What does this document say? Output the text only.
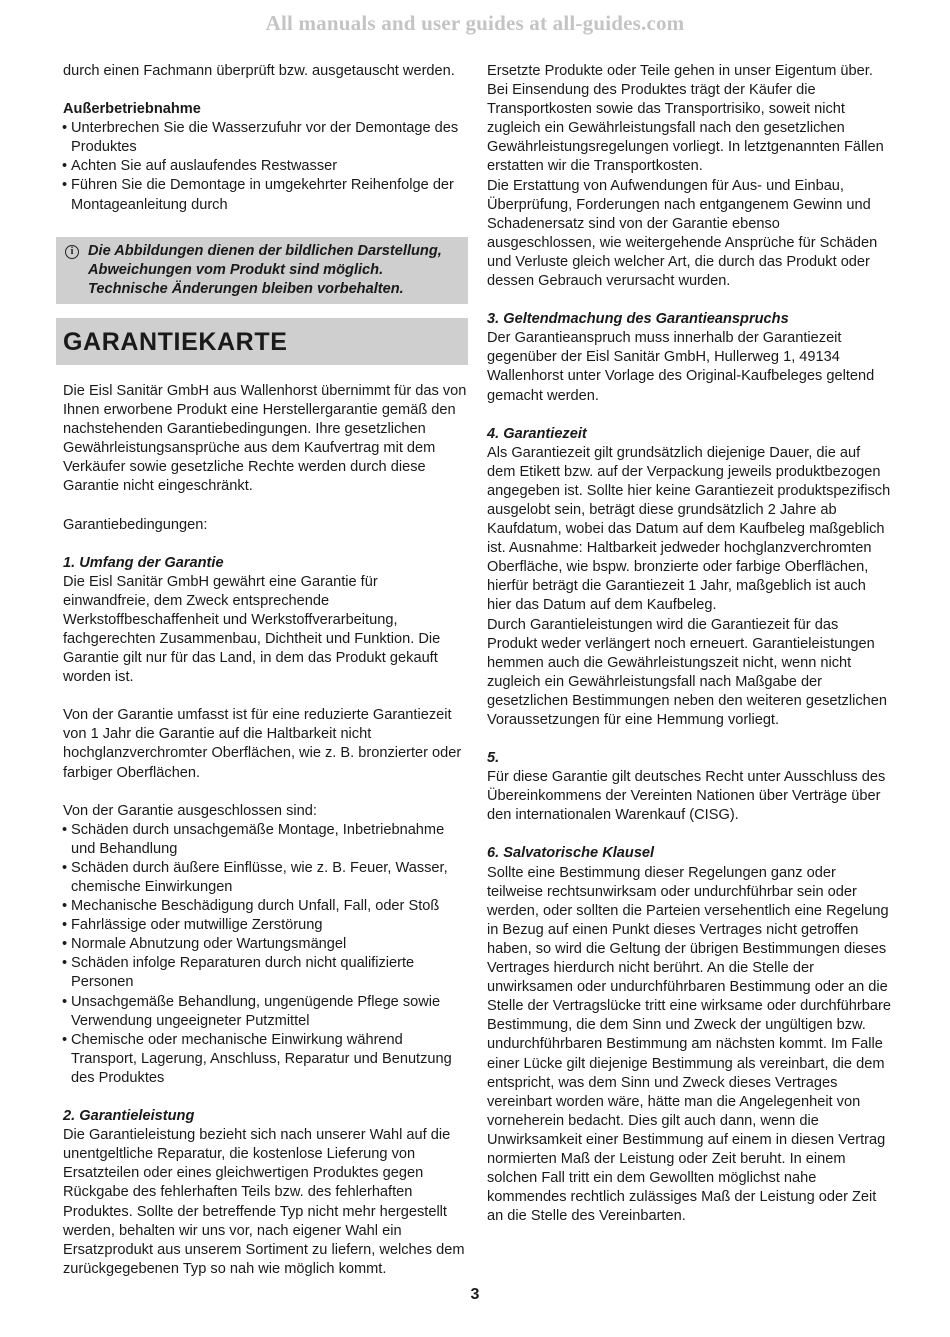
All manuals and user guides at all-guides.com

durch einen Fachmann überprüft bzw. ausgetauscht werden.

Außerbetriebnahme

• Unterbrechen Sie die Wasserzufuhr vor der Demontage des Produktes
• Achten Sie auf auslaufendes Restwasser
• Führen Sie die Demontage in umgekehrter Reihenfolge der Montageanleitung durch
i	Die Abbildungen dienen der bildlichen Darstellung, Abweichungen vom Produkt sind möglich. Technische Änderungen bleiben vorbehalten.
GARANTIEKARTE

Die Eisl Sanitär GmbH aus Wallenhorst übernimmt für das von Ihnen erworbene Produkt eine Herstellergarantie gemäß den nachstehenden Garantiebedingungen. Ihre gesetzlichen Gewährleistungsansprüche aus dem Kaufvertrag mit dem Verkäufer sowie gesetzliche Rechte werden durch diese Garantie nicht eingeschränkt.

Garantiebedingungen:

1. Umfang der Garantie

Die Eisl Sanitär GmbH gewährt eine Garantie für einwandfreie, dem Zweck entsprechende Werkstoffbeschaffenheit und Werkstoffverarbeitung, fachgerechten Zusammenbau, Dichtheit und Funktion. Die Garantie gilt nur für das Land, in dem das Produkt gekauft worden ist.

Von der Garantie umfasst ist für eine reduzierte Garantiezeit von 1 Jahr die Garantie auf die Haltbarkeit nicht hochglanzverchromter Oberflächen, wie z. B. bronzierter oder farbiger Oberflächen.

Von der Garantie ausgeschlossen sind:

• Schäden durch unsachgemäße Montage, Inbetriebnahme und Behandlung
• Schäden durch äußere Einflüsse, wie z. B. Feuer, Wasser, chemische Einwirkungen
• Mechanische Beschädigung durch Unfall, Fall, oder Stoß
• Fahrlässige oder mutwillige Zerstörung
• Normale Abnutzung oder Wartungsmängel
• Schäden infolge Reparaturen durch nicht qualifizierte Personen
• Unsachgemäße Behandlung, ungenügende Pflege sowie Verwendung ungeeigneter Putzmittel
• Chemische oder mechanische Einwirkung während Transport, Lagerung, Anschluss, Reparatur und Benutzung des Produktes

2. Garantieleistung

Die Garantieleistung bezieht sich nach unserer Wahl auf die unentgeltliche Reparatur, die kostenlose Lieferung von Ersatzteilen oder eines gleichwertigen Produktes gegen Rückgabe des fehlerhaften Teils bzw. des fehlerhaften Produktes. Sollte der betreffende Typ nicht mehr hergestellt werden, behalten wir uns vor, nach eigener Wahl ein Ersatzprodukt aus unserem Sortiment zu liefern, welches dem zurückgegebenen Typ so nah wie möglich kommt.

Ersetzte Produkte oder Teile gehen in unser Eigentum über. Bei Einsendung des Produktes trägt der Käufer die Transportkosten sowie das Transportrisiko, soweit nicht zugleich ein Gewährleistungsfall nach den gesetzlichen Gewährleistungsregelungen vorliegt. In letztgenannten Fällen erstatten wir die Transportkosten.

Die Erstattung von Aufwendungen für Aus- und Einbau, Überprüfung, Forderungen nach entgangenem Gewinn und Schadenersatz sind von der Garantie ebenso ausgeschlossen, wie weitergehende Ansprüche für Schäden und Verluste gleich welcher Art, die durch das Produkt oder dessen Gebrauch verursacht wurden.

3. Geltendmachung des Garantieanspruchs

Der Garantieanspruch muss innerhalb der Garantiezeit gegenüber der Eisl Sanitär GmbH, Hullerweg 1, 49134 Wallenhorst unter Vorlage des Original-Kaufbeleges geltend gemacht werden.

4. Garantiezeit

Als Garantiezeit gilt grundsätzlich diejenige Dauer, die auf dem Etikett bzw. auf der Verpackung jeweils produktbezogen angegeben ist. Sollte hier keine Garantiezeit produktspezifisch ausgelobt sein, beträgt diese grundsätzlich 2 Jahre ab Kaufdatum, wobei das Datum auf dem Kaufbeleg maßgeblich ist. Ausnahme: Haltbarkeit jedweder hochglanzverchromten Oberfläche, wie bspw. bronzierte oder farbige Oberflächen, hierfür beträgt die Garantiezeit 1 Jahr, maßgeblich ist auch hier das Datum auf dem Kaufbeleg.

Durch Garantieleistungen wird die Garantiezeit für das Produkt weder verlängert noch erneuert. Garantieleistungen hemmen auch die Gewährleistungszeit nicht, wenn nicht zugleich ein Gewährleistungsfall nach Maßgabe der gesetzlichen Bestimmungen neben den weiteren gesetzlichen Voraussetzungen für eine Hemmung vorliegt.

5.

Für diese Garantie gilt deutsches Recht unter Ausschluss des Übereinkommens der Vereinten Nationen über Verträge über den internationalen Warenkauf (CISG).

6. Salvatorische Klausel

Sollte eine Bestimmung dieser Regelungen ganz oder teilweise rechtsunwirksam oder undurchführbar sein oder werden, oder sollten die Parteien versehentlich eine Regelung in Bezug auf einen Punkt dieses Vertrages nicht getroffen haben, so wird die Geltung der übrigen Bestimmungen dieses Vertrages hierdurch nicht berührt. An die Stelle der unwirksamen oder undurchführbaren Bestimmung oder an die Stelle der Vertragslücke tritt eine wirksame oder durchführbare Bestimmung, die dem Sinn und Zweck der ungültigen bzw. undurchführbaren Bestimmung am nächsten kommt. Im Falle einer Lücke gilt diejenige Bestimmung als vereinbart, die dem entspricht, was dem Sinn und Zweck dieses Vertrages vereinbart worden wäre, hätte man die Angelegenheit von vorneherein bedacht. Dies gilt auch dann, wenn die Unwirksamkeit einer Bestimmung auf einem in diesen Vertrag normierten Maß der Leistung oder Zeit beruht. In einem solchen Fall tritt ein dem Gewollten möglichst nahe kommendes rechtlich zulässiges Maß der Leistung oder Zeit an die Stelle des Vereinbarten.

3
